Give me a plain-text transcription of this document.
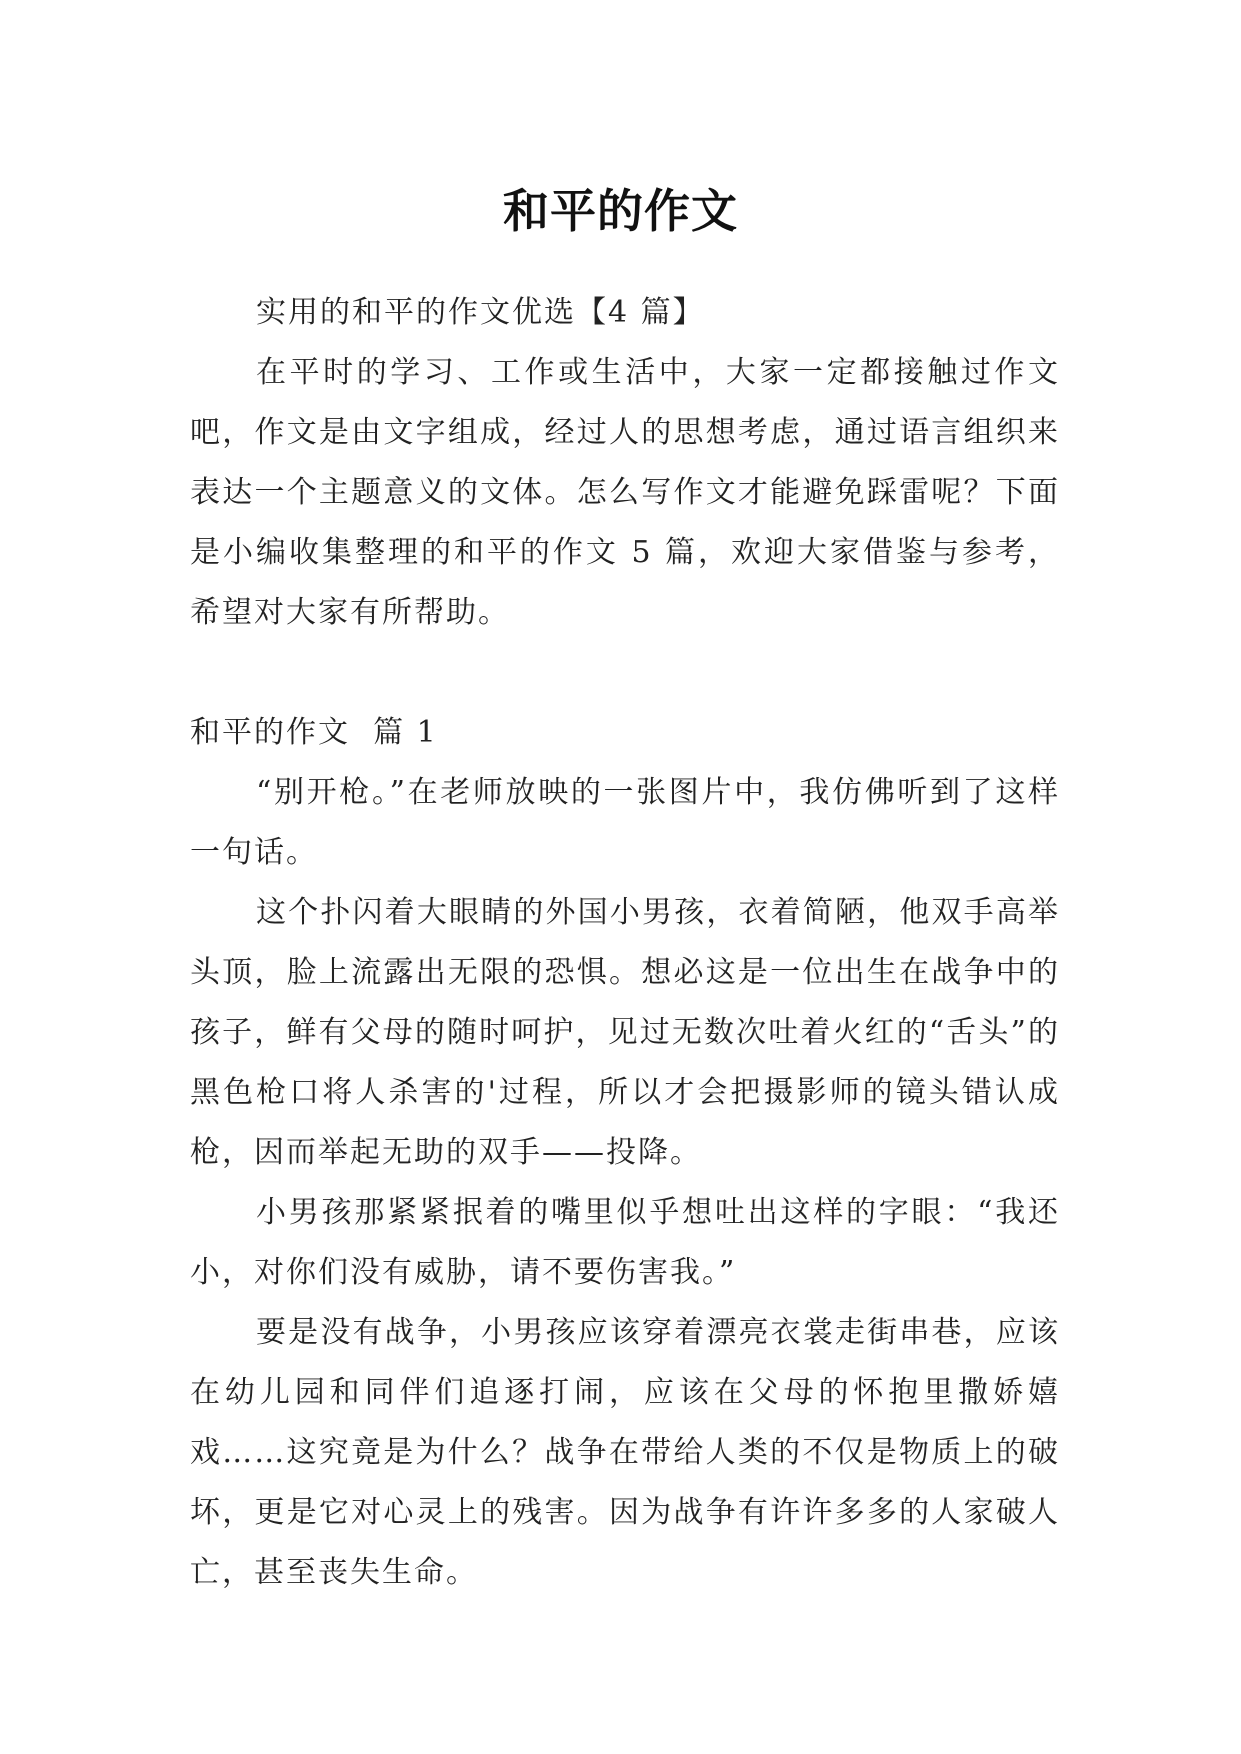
和平的作文

实用的和平的作文优选【4 篇】

在平时的学习、工作或生活中，大家一定都接触过作文吧，作文是由文字组成，经过人的思想考虑，通过语言组织来表达一个主题意义的文体。怎么写作文才能避免踩雷呢？下面是小编收集整理的和平的作文 5 篇，欢迎大家借鉴与参考，希望对大家有所帮助。

和平的作文  篇 1

“别开枪。”在老师放映的一张图片中，我仿佛听到了这样一句话。

这个扑闪着大眼睛的外国小男孩，衣着简陋，他双手高举头顶，脸上流露出无限的恐惧。想必这是一位出生在战争中的孩子，鲜有父母的随时呵护，见过无数次吐着火红的“舌头”的黑色枪口将人杀害的'过程，所以才会把摄影师的镜头错认成枪，因而举起无助的双手——投降。

小男孩那紧紧抿着的嘴里似乎想吐出这样的字眼：“我还小，对你们没有威胁，请不要伤害我。”

要是没有战争，小男孩应该穿着漂亮衣裳走街串巷，应该在幼儿园和同伴们追逐打闹，应该在父母的怀抱里撒娇嬉戏……这究竟是为什么？战争在带给人类的不仅是物质上的破坏，更是它对心灵上的残害。因为战争有许许多多的人家破人亡，甚至丧失生命。
